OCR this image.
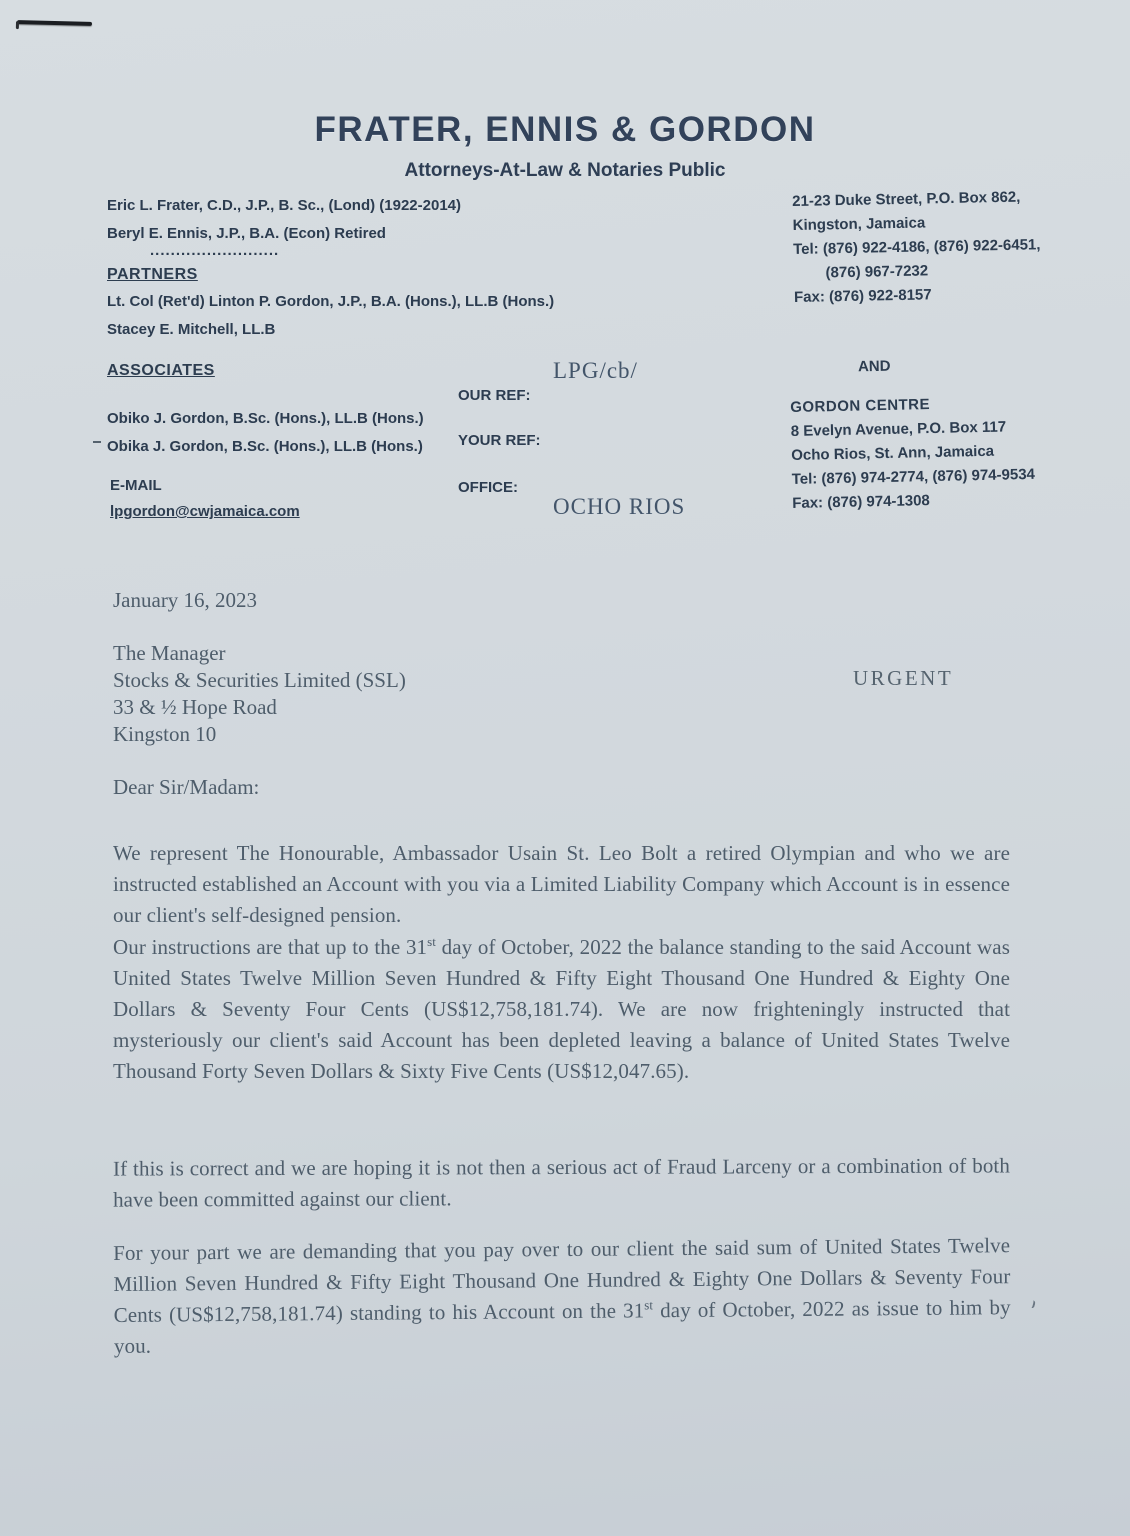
FRATER, ENNIS & GORDON
Attorneys-At-Law & Notaries Public
Eric L. Frater, C.D., J.P., B. Sc., (Lond) (1922-2014)
Beryl E. Ennis, J.P., B.A. (Econ) Retired
.........................
PARTNERS
Lt. Col (Ret'd) Linton P. Gordon, J.P., B.A. (Hons.), LL.B (Hons.)
Stacey E. Mitchell, LL.B
21-23 Duke Street, P.O. Box 862,
Kingston, Jamaica
Tel: (876) 922-4186, (876) 922-6451,
(876) 967-7232
Fax: (876) 922-8157
ASSOCIATES
Obiko J. Gordon, B.Sc. (Hons.), LL.B (Hons.)
Obika J. Gordon, B.Sc. (Hons.), LL.B (Hons.)
E-MAIL
lpgordon@cwjamaica.com
OUR REF:
LPG/cb/
YOUR REF:
OFFICE:
OCHO RIOS
AND
GORDON CENTRE
8 Evelyn Avenue, P.O. Box 117
Ocho Rios, St. Ann, Jamaica
Tel: (876) 974-2774, (876) 974-9534
Fax: (876) 974-1308
January 16, 2023
The Manager
Stocks & Securities Limited (SSL)
33 & ½ Hope Road
Kingston 10
URGENT
Dear Sir/Madam:
We represent The Honourable, Ambassador Usain St. Leo Bolt a retired Olympian and who we are instructed established an Account with you via a Limited Liability Company which Account is in essence our client's self-designed pension.
Our instructions are that up to the 31st day of October, 2022 the balance standing to the said Account was United States Twelve Million Seven Hundred & Fifty Eight Thousand One Hundred & Eighty One Dollars & Seventy Four Cents (US$12,758,181.74). We are now frighteningly instructed that mysteriously our client's said Account has been depleted leaving a balance of United States Twelve Thousand Forty Seven Dollars & Sixty Five Cents (US$12,047.65).
If this is correct and we are hoping it is not then a serious act of Fraud Larceny or a combination of both have been committed against our client.
For your part we are demanding that you pay over to our client the said sum of United States Twelve Million Seven Hundred & Fifty Eight Thousand One Hundred & Eighty One Dollars & Seventy Four Cents (US$12,758,181.74) standing to his Account on the 31st day of October, 2022 as issue to him by you.
